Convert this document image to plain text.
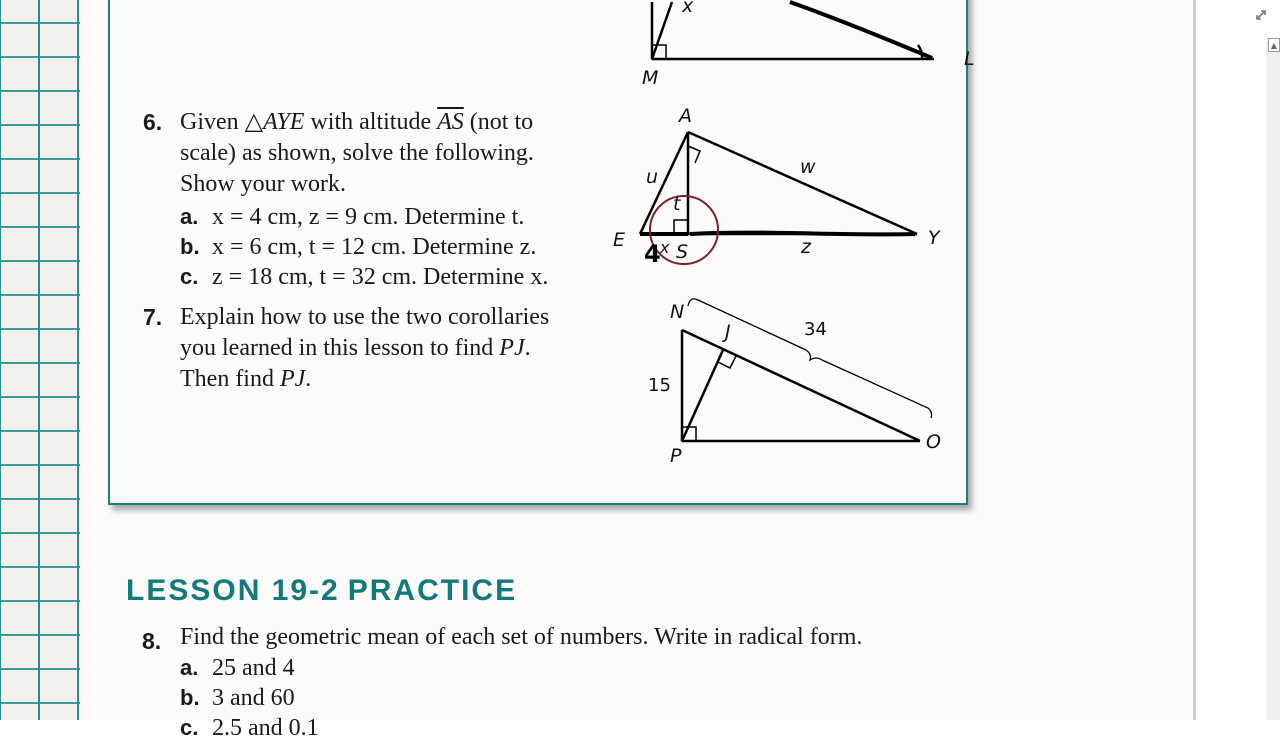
▲
x
M
L
6. Given △AYE with altitude $\overline{AS}$ (not to
scale) as shown, solve the following.
Show your work.
a. x = 4 cm, z = 9 cm. Determine t.
b. x = 6 cm, t = 12 cm. Determine z.
c. z = 18 cm, t = 32 cm. Determine x.
A
E	Y
S
u	w
t
x	z
4
7. Explain how to use the two corollaries
you learned in this lesson to find PJ.
Then find PJ.
N
J
P
O
15
34
LESSON 19-2 PRACTICE
8. Find the geometric mean of each set of numbers. Write in radical form.
a. 25 and 4
b. 3 and 60
c. 2.5 and 0.1
